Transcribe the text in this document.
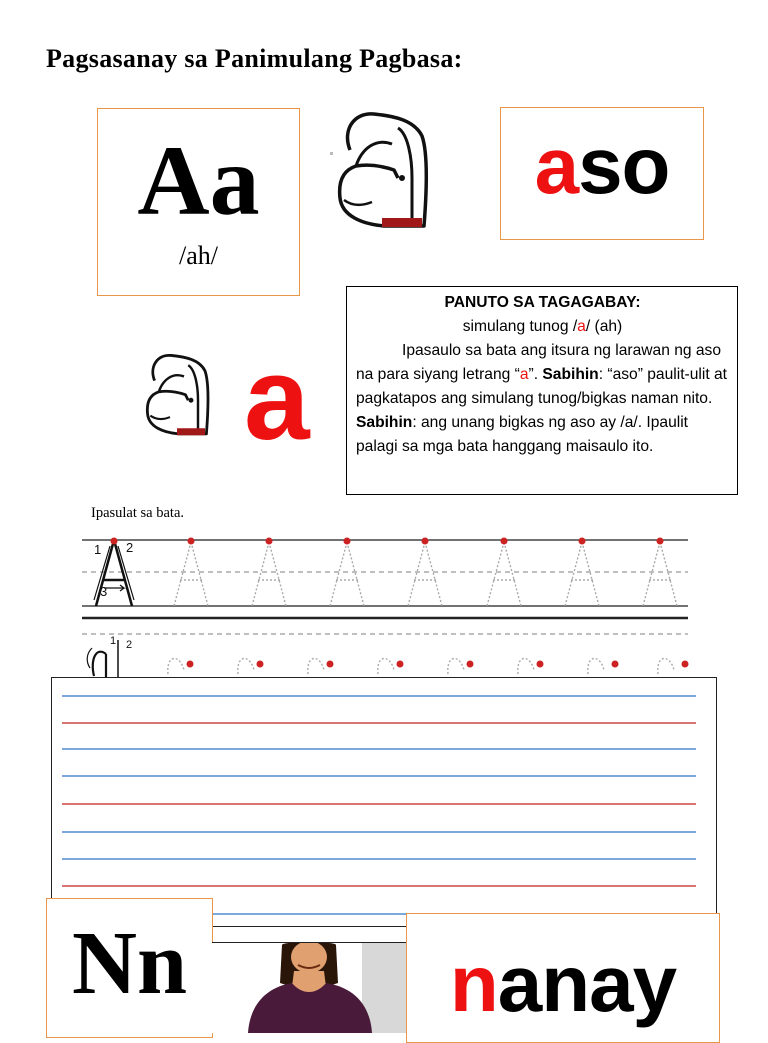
Pagsasanay sa Panimulang Pagbasa:
Aa
/ah/
aso
a

PANUTO SA TAGAGABAY:

simulang tunog /a/ (ah)

Ipasaulo sa bata ang itsura ng larawan ng aso na para siyang letrang “a”. Sabihin: “aso” paulit-ulit at pagkatapos ang simulang tunog/bigkas naman nito. Sabihin: ang unang bigkas ng aso ay /a/. Ipaulit palagi sa mga bata hanggang maisaulo ito.

Ipasulat sa bata.
1 2
3
1 2
Nn	nanay
